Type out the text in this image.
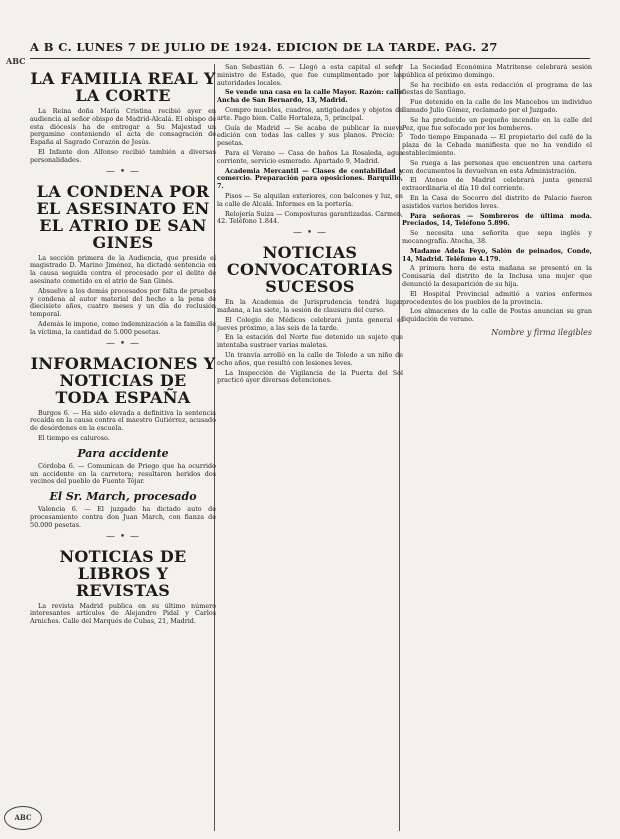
ABC
A B C. LUNES 7 DE JULIO DE 1924. EDICION DE LA TARDE. PAG. 27
LA FAMILIA REAL Y LA CORTE

La Reina doña María Cristina recibió ayer en audiencia al señor obispo de Madrid-Alcalá. El obispo de esta diócesis ha de entregar a Su Majestad un pergamino conteniendo el acta de consagración de España al Sagrado Corazón de Jesús.

El Infante don Alfonso recibió también a diversas personalidades.

— • —
LA CONDENA POR EL ASESINATO EN EL ATRIO DE SAN GINES

La sección primera de la Audiencia, que preside el magistrado D. Marino Jiménez, ha dictado sentencia en la causa seguida contra el procesado por el delito de asesinato cometido en el atrio de San Ginés.

Absuelve a los demás procesados por falta de pruebas y condena al autor material del hecho a la pena de diecisiete años, cuatro meses y un día de reclusión temporal.

Además le impone, como indemnización a la familia de la víctima, la cantidad de 5.000 pesetas.

— • —
INFORMACIONES Y NOTICIAS DE TODA ESPAÑA

Burgos 6. — Ha sido elevada a definitiva la sentencia recaída en la causa contra el maestro Gutiérrez, acusado de desórdenes en la escuela.

El tiempo es caluroso.

Para accidente

Córdoba 6. — Comunican de Priego que ha ocurrido un accidente en la carretera; resultaron heridos dos vecinos del pueblo de Fuente Tójar.

El Sr. March, procesado

Valencia 6. — El juzgado ha dictado auto de procesamiento contra don Juan March, con fianza de 50.000 pesetas.

— • —
NOTICIAS DE LIBROS Y REVISTAS

La revista Madrid publica en su último número interesantes artículos de Alejandro Pidal y Carlos Arniches. Calle del Marqués de Cubas, 21, Madrid.

San Sebastián 6. — Llegó a esta capital el señor ministro de Estado, que fue cumplimentado por las autoridades locales.

Se vende una casa en la calle Mayor. Razón: calle Ancha de San Bernardo, 13, Madrid.

Compro muebles, cuadros, antigüedades y objetos de arte. Pago bien. Calle Hortaleza, 5, principal.

Guía de Madrid — Se acaba de publicar la nueva edición con todas las calles y sus planos. Precio: 5 pesetas.

Para el Verano — Casa de baños La Rosaleda, agua corriente, servicio esmerado. Apartado 9, Madrid.

Academia Mercantil — Clases de contabilidad y comercio. Preparación para oposiciones. Barquillo, 7.

Pisos — Se alquilan exteriores, con balcones y luz, en la calle de Alcalá. Informes en la portería.

Relojería Suiza — Composturas garantizadas. Carmen, 42. Teléfono 1.844.

— • —
NOTICIAS CONVOCATORIAS SUCESOS

En la Academia de Jurisprudencia tendrá lugar mañana, a las siete, la sesión de clausura del curso.

El Colegio de Médicos celebrará junta general el jueves próximo, a las seis de la tarde.

En la estación del Norte fue detenido un sujeto que intentaba sustraer varias maletas.

Un tranvía arrolló en la calle de Toledo a un niño de ocho años, que resultó con lesiones leves.

La Inspección de Vigilancia de la Puerta del Sol practicó ayer diversas detenciones.

La Sociedad Económica Matritense celebrará sesión pública el próximo domingo.

Se ha recibido en esta redacción el programa de las fiestas de Santiago.

Fue detenido en la calle de los Mancebos un individuo llamado Julio Gómez, reclamado por el Juzgado.

Se ha producido un pequeño incendio en la calle del Pez, que fue sofocado por los bomberos.

Todo tiempo Empanada — El propietario del café de la plaza de la Cebada manifiesta que no ha vendido el establecimiento.

Se ruega a las personas que encuentren una cartera con documentos la devuelvan en esta Administración.

El Ateneo de Madrid celebrará junta general extraordinaria el día 10 del corriente.

En la Casa de Socorro del distrito de Palacio fueron asistidos varios heridos leves.

Para señoras — Sombreros de última moda. Preciados, 14, Teléfono 5.896.

Se necesita una señorita que sepa inglés y mecanografía. Atocha, 38.

Madame Adela Feyo, Salón de peinados, Conde, 14, Madrid. Teléfono 4.179.

A primera hora de esta mañana se presentó en la Comisaría del distrito de la Inclusa una mujer que denunció la desaparición de su hija.

El Hospital Provincial admitió a varios enfermos procedentes de los pueblos de la provincia.

Los almacenes de la calle de Postas anuncian su gran liquidación de verano.

Nombre y firma ilegibles
ABC
